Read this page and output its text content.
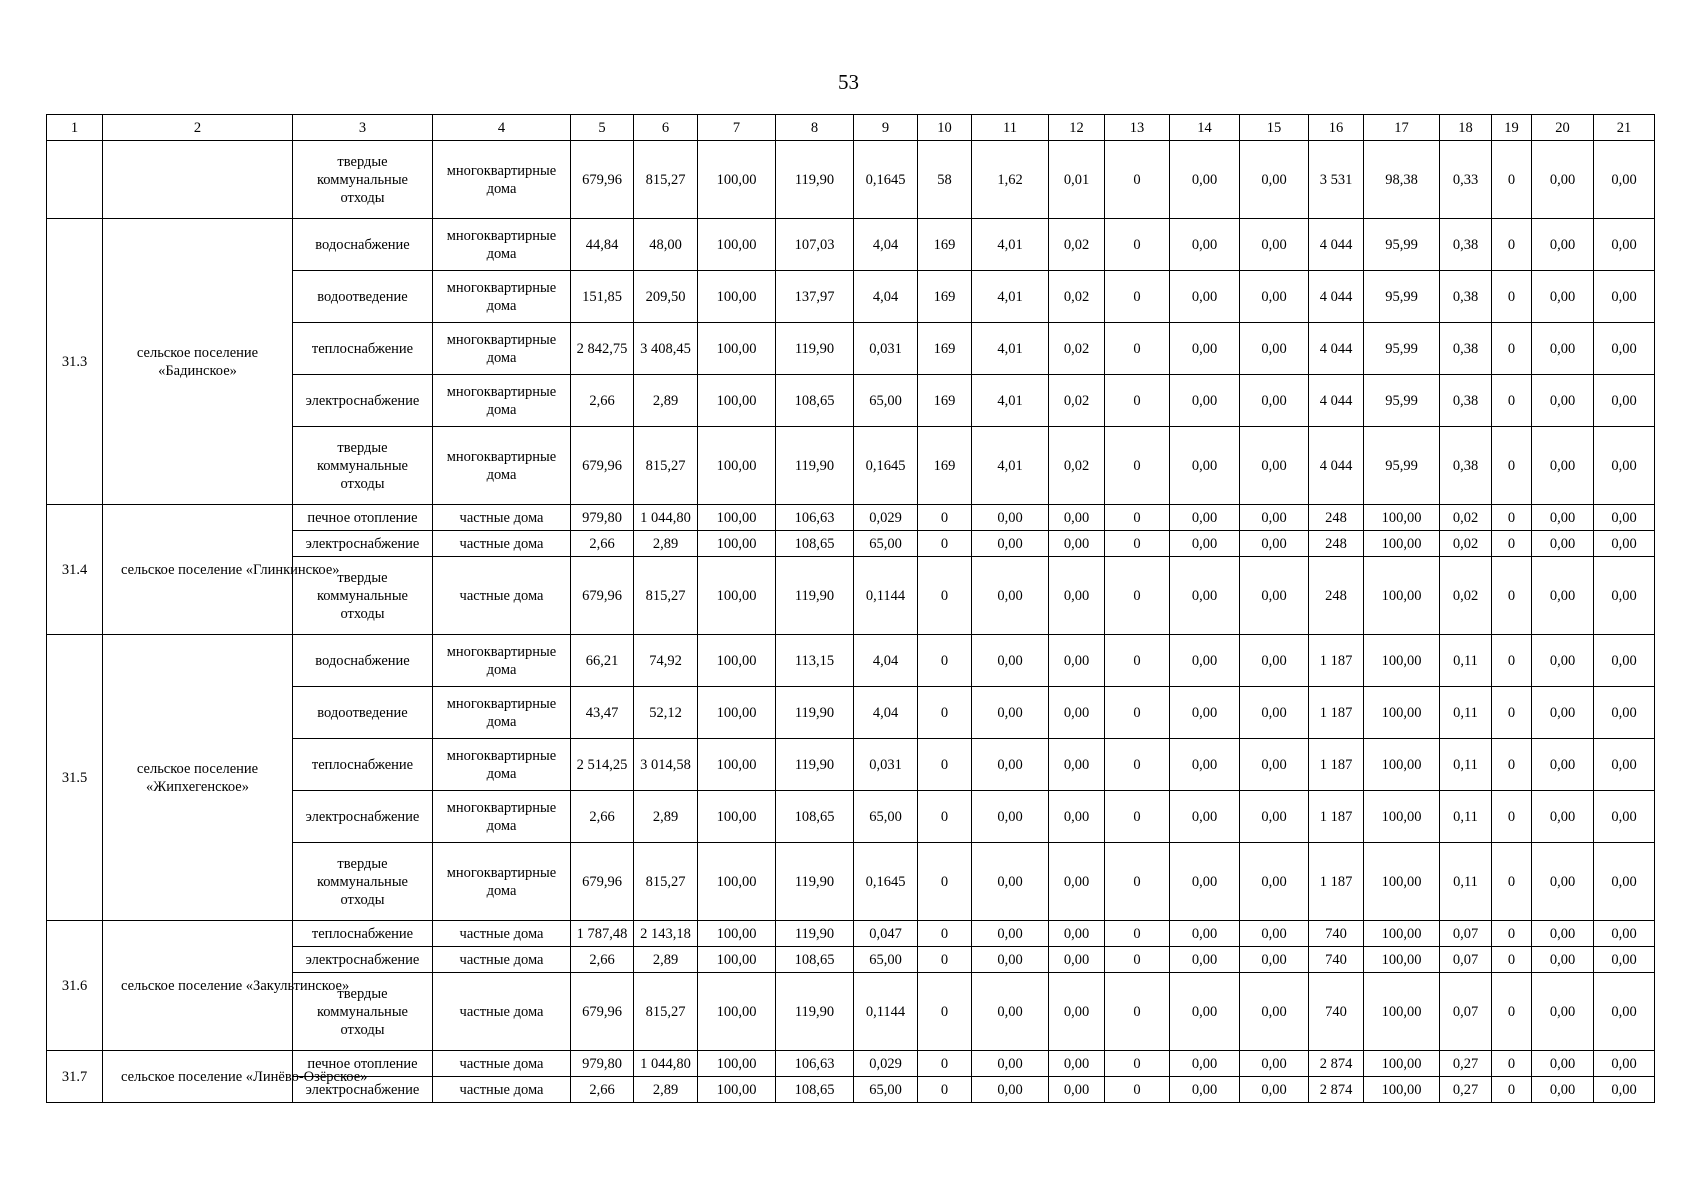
53
1	2	3	4	5	6	7	8	9	10	11	12	13	14	15	16	17	18	19	20	21
		твердые коммунальные отходы	многоквартирные дома	679,96	815,27	100,00	119,90	0,1645	58	1,62	0,01	0	0,00	0,00	3 531	98,38	0,33	0	0,00	0,00
31.3	сельское поселение «Бадинское»	водоснабжение	многоквартирные дома	44,84	48,00	100,00	107,03	4,04	169	4,01	0,02	0	0,00	0,00	4 044	95,99	0,38	0	0,00	0,00
		водоотведение	многоквартирные дома	151,85	209,50	100,00	137,97	4,04	169	4,01	0,02	0	0,00	0,00	4 044	95,99	0,38	0	0,00	0,00
		теплоснабжение	многоквартирные дома	2 842,75	3 408,45	100,00	119,90	0,031	169	4,01	0,02	0	0,00	0,00	4 044	95,99	0,38	0	0,00	0,00
		электроснабжение	многоквартирные дома	2,66	2,89	100,00	108,65	65,00	169	4,01	0,02	0	0,00	0,00	4 044	95,99	0,38	0	0,00	0,00
		твердые коммунальные отходы	многоквартирные дома	679,96	815,27	100,00	119,90	0,1645	169	4,01	0,02	0	0,00	0,00	4 044	95,99	0,38	0	0,00	0,00
31.4	сельское поселение «Глинкинское»	печное отопление	частные дома	979,80	1 044,80	100,00	106,63	0,029	0	0,00	0,00	0	0,00	0,00	248	100,00	0,02	0	0,00	0,00
		электроснабжение	частные дома	2,66	2,89	100,00	108,65	65,00	0	0,00	0,00	0	0,00	0,00	248	100,00	0,02	0	0,00	0,00
		твердые коммунальные отходы	частные дома	679,96	815,27	100,00	119,90	0,1144	0	0,00	0,00	0	0,00	0,00	248	100,00	0,02	0	0,00	0,00
31.5	сельское поселение «Жипхегенское»	водоснабжение	многоквартирные дома	66,21	74,92	100,00	113,15	4,04	0	0,00	0,00	0	0,00	0,00	1 187	100,00	0,11	0	0,00	0,00
		водоотведение	многоквартирные дома	43,47	52,12	100,00	119,90	4,04	0	0,00	0,00	0	0,00	0,00	1 187	100,00	0,11	0	0,00	0,00
		теплоснабжение	многоквартирные дома	2 514,25	3 014,58	100,00	119,90	0,031	0	0,00	0,00	0	0,00	0,00	1 187	100,00	0,11	0	0,00	0,00
		электроснабжение	многоквартирные дома	2,66	2,89	100,00	108,65	65,00	0	0,00	0,00	0	0,00	0,00	1 187	100,00	0,11	0	0,00	0,00
		твердые коммунальные отходы	многоквартирные дома	679,96	815,27	100,00	119,90	0,1645	0	0,00	0,00	0	0,00	0,00	1 187	100,00	0,11	0	0,00	0,00
31.6	сельское поселение «Закультинское»	теплоснабжение	частные дома	1 787,48	2 143,18	100,00	119,90	0,047	0	0,00	0,00	0	0,00	0,00	740	100,00	0,07	0	0,00	0,00
		электроснабжение	частные дома	2,66	2,89	100,00	108,65	65,00	0	0,00	0,00	0	0,00	0,00	740	100,00	0,07	0	0,00	0,00
		твердые коммунальные отходы	частные дома	679,96	815,27	100,00	119,90	0,1144	0	0,00	0,00	0	0,00	0,00	740	100,00	0,07	0	0,00	0,00
31.7	сельское поселение «Линёво-Озёрское»	печное отопление	частные дома	979,80	1 044,80	100,00	106,63	0,029	0	0,00	0,00	0	0,00	0,00	2 874	100,00	0,27	0	0,00	0,00
		электроснабжение	частные дома	2,66	2,89	100,00	108,65	65,00	0	0,00	0,00	0	0,00	0,00	2 874	100,00	0,27	0	0,00	0,00
